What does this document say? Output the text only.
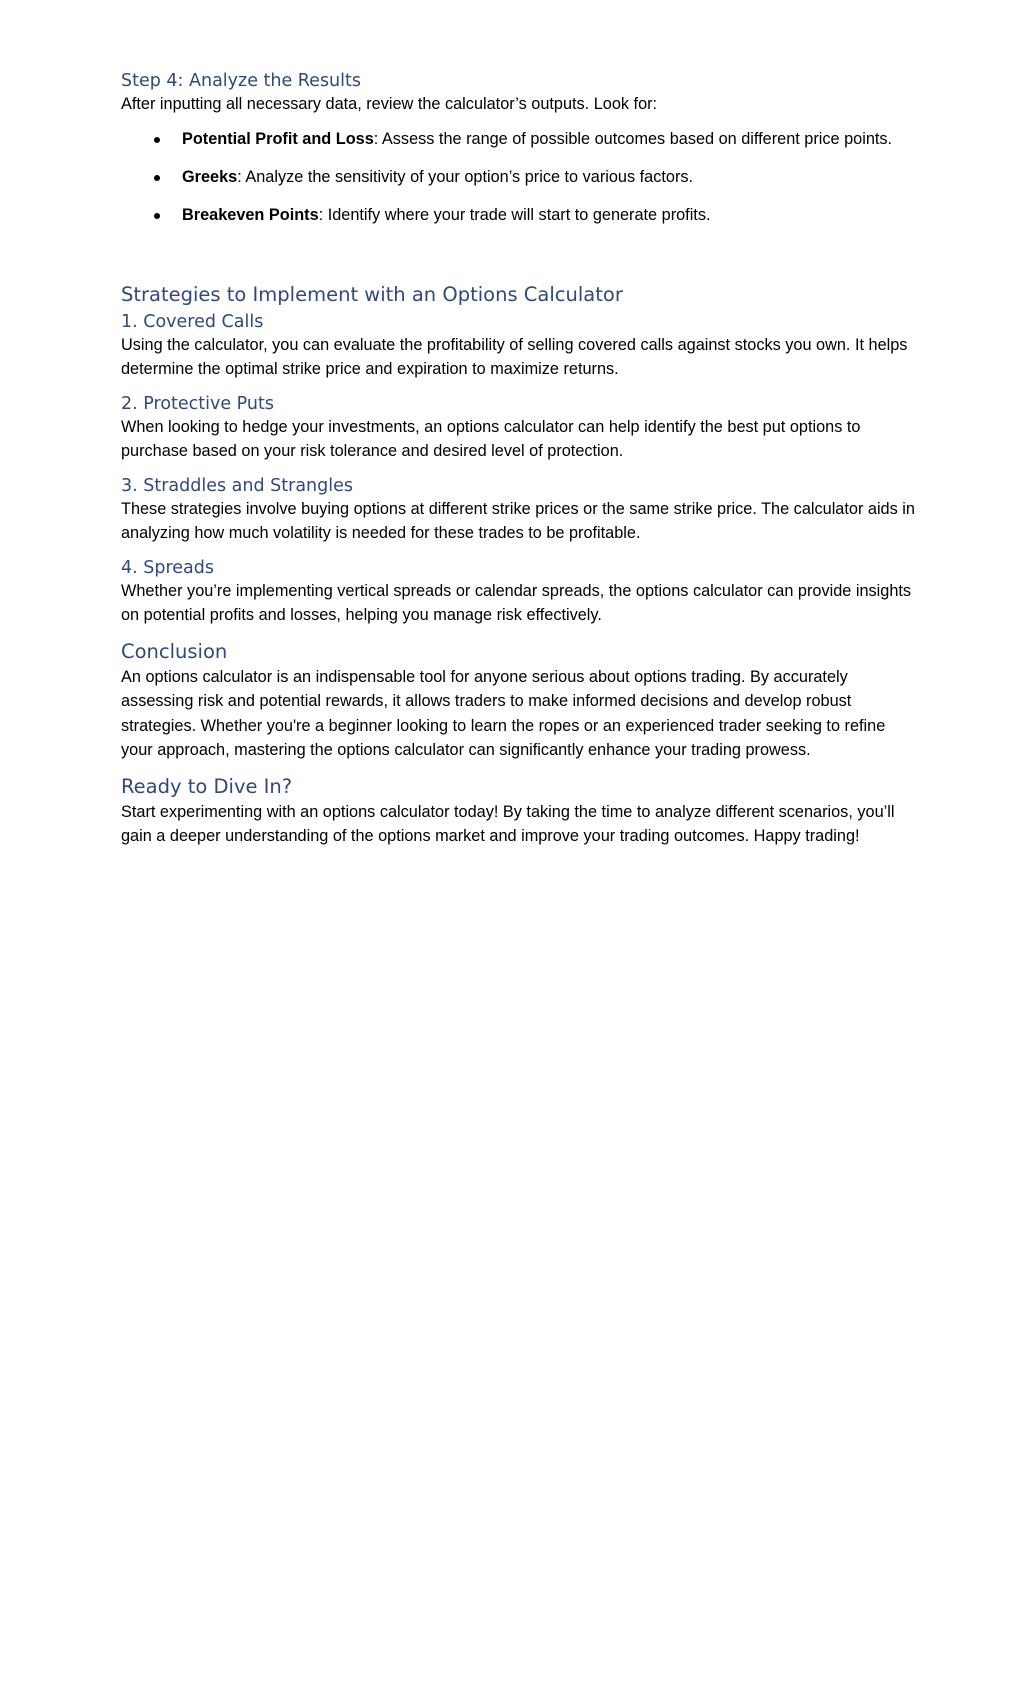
Step 4: Analyze the Results

After inputting all necessary data, review the calculator’s outputs. Look for:

Potential Profit and Loss: Assess the range of possible outcomes based on different price points.
Greeks: Analyze the sensitivity of your option’s price to various factors.
Breakeven Points: Identify where your trade will start to generate profits.
Strategies to Implement with an Options Calculator
1. Covered Calls

Using the calculator, you can evaluate the profitability of selling covered calls against stocks you own. It helps determine the optimal strike price and expiration to maximize returns.

2. Protective Puts

When looking to hedge your investments, an options calculator can help identify the best put options to purchase based on your risk tolerance and desired level of protection.

3. Straddles and Strangles

These strategies involve buying options at different strike prices or the same strike price. The calculator aids in analyzing how much volatility is needed for these trades to be profitable.

4. Spreads

Whether you’re implementing vertical spreads or calendar spreads, the options calculator can provide insights on potential profits and losses, helping you manage risk effectively.

Conclusion

An options calculator is an indispensable tool for anyone serious about options trading. By accurately assessing risk and potential rewards, it allows traders to make informed decisions and develop robust strategies. Whether you're a beginner looking to learn the ropes or an experienced trader seeking to refine your approach, mastering the options calculator can significantly enhance your trading prowess.

Ready to Dive In?

Start experimenting with an options calculator today! By taking the time to analyze different scenarios, you’ll gain a deeper understanding of the options market and improve your trading outcomes. Happy trading!
